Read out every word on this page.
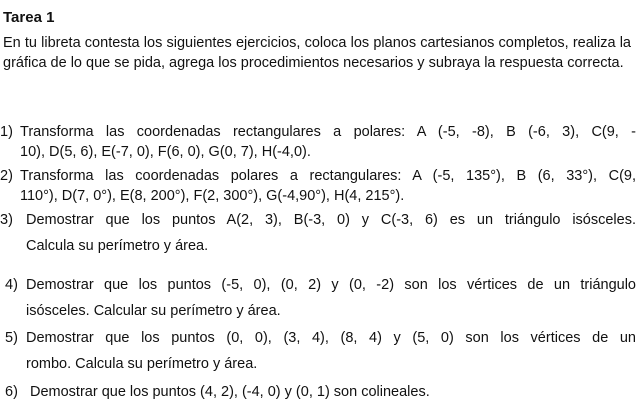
Tarea 1

En tu libreta contesta los siguientes ejercicios, coloca los planos cartesianos completos, realiza la gráfica de lo que se pida, agrega los procedimientos necesarios y subraya la respuesta correcta.

1) Transforma las coordenadas rectangulares a polares: A (-5, -8), B (-6, 3), C(9, -
10), D(5, 6), E(-7, 0), F(6, 0), G(0, 7), H(-4,0).
2) Transforma las coordenadas polares a rectangulares: A (-5, 135°), B (6, 33°), C(9,
110°), D(7, 0°), E(8, 200°), F(2, 300°), G(-4,90°), H(4, 215°).
3) Demostrar que los puntos A(2, 3), B(-3, 0) y C(-3, 6) es un triángulo isósceles.
Calcula su perímetro y área.
4) Demostrar que los puntos (-5, 0), (0, 2) y (0, -2) son los vértices de un triángulo
isósceles. Calcular su perímetro y área.
5) Demostrar que los puntos (0, 0), (3, 4), (8, 4) y (5, 0) son los vértices de un
rombo. Calcula su perímetro y área.
6) Demostrar que los puntos (4, 2), (-4, 0) y (0, 1) son colineales.
